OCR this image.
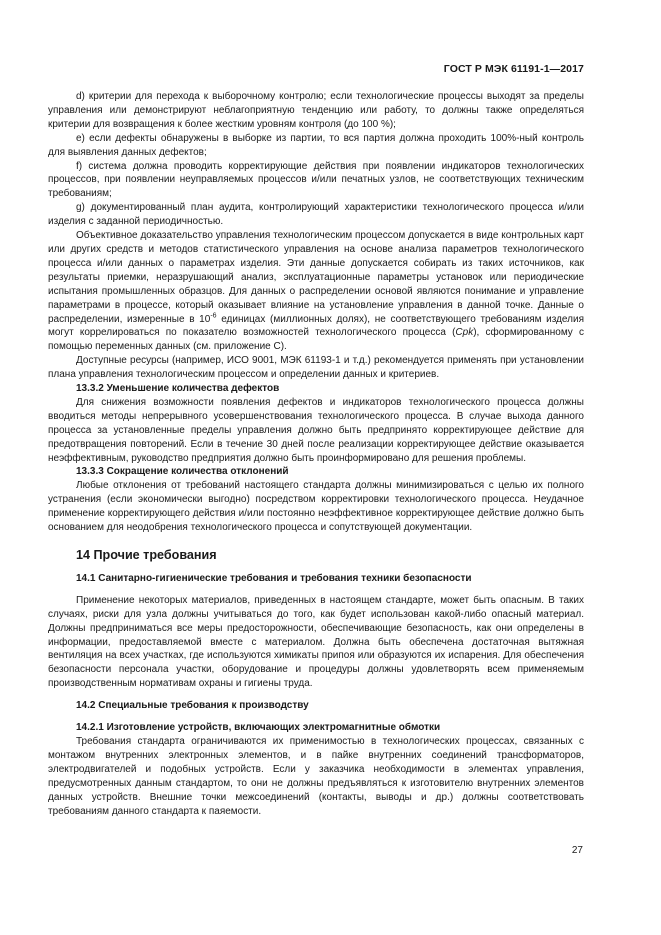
ГОСТ Р МЭК 61191-1—2017

d) критерии для перехода к выборочному контролю; если технологические процессы выходят за пределы управления или демонстрируют неблагоприятную тенденцию или работу, то должны также определяться критерии для возвращения к более жестким уровням контроля (до 100 %);

е) если дефекты обнаружены в выборке из партии, то вся партия должна проходить 100%-ный контроль для выявления данных дефектов;

f) система должна проводить корректирующие действия при появлении индикаторов технологических процессов, при появлении неуправляемых процессов и/или печатных узлов, не соответствующих техническим требованиям;

g) документированный план аудита, контролирующий характеристики технологического процесса и/или изделия с заданной периодичностью.

Объективное доказательство управления технологическим процессом допускается в виде контрольных карт или других средств и методов статистического управления на основе анализа параметров технологического процесса и/или данных о параметрах изделия. Эти данные допускается собирать из таких источников, как результаты приемки, неразрушающий анализ, эксплуатационные параметры установок или периодические испытания промышленных образцов. Для данных о распределении основой являются понимание и управление параметрами в процессе, который оказывает влияние на установление управления в данной точке. Данные о распределении, измеренные в $10^{-6}$ единицах (миллионных долях), не соответствующего требованиям изделия могут коррелироваться по показателю возможностей технологического процесса (Cpk), сформированному с помощью переменных данных (см. приложение С).

Доступные ресурсы (например, ИСО 9001, МЭК 61193-1 и т.д.) рекомендуется применять при установлении плана управления технологическим процессом и определении данных и критериев.

13.3.2 Уменьшение количества дефектов

Для снижения возможности появления дефектов и индикаторов технологического процесса должны вводиться методы непрерывного усовершенствования технологического процесса. В случае выхода данного процесса за установленные пределы управления должно быть предпринято корректирующее действие для предотвращения повторений. Если в течение 30 дней после реализации корректирующее действие оказывается неэффективным, руководство предприятия должно быть проинформировано для решения проблемы.

13.3.3 Сокращение количества отклонений

Любые отклонения от требований настоящего стандарта должны минимизироваться с целью их полного устранения (если экономически выгодно) посредством корректировки технологического процесса. Неудачное применение корректирующего действия и/или постоянно неэффективное корректирующее действие должно быть основанием для неодобрения технологического процесса и сопутствующей документации.

14 Прочие требования
14.1 Санитарно-гигиенические требования и требования техники безопасности

Применение некоторых материалов, приведенных в настоящем стандарте, может быть опасным. В таких случаях, риски для узла должны учитываться до того, как будет использован какой-либо опасный материал. Должны предприниматься все меры предосторожности, обеспечивающие безопасность, как они определены в информации, предоставляемой вместе с материалом. Должна быть обеспечена достаточная вытяжная вентиляция на всех участках, где используются химикаты припоя или образуются их испарения. Для обеспечения безопасности персонала участки, оборудование и процедуры должны удовлетворять всем применяемым производственным нормативам охраны и гигиены труда.

14.2 Специальные требования к производству
14.2.1 Изготовление устройств, включающих электромагнитные обмотки

Требования стандарта ограничиваются их применимостью в технологических процессах, связанных с монтажом внутренних электронных элементов, и в пайке внутренних соединений трансформаторов, электродвигателей и подобных устройств. Если у заказчика необходимости в элементах управления, предусмотренных данным стандартом, то они не должны предъявляться к изготовителю внутренних элементов данных устройств. Внешние точки межсоединений (контакты, выводы и др.) должны соответствовать требованиям данного стандарта к паяемости.

27
